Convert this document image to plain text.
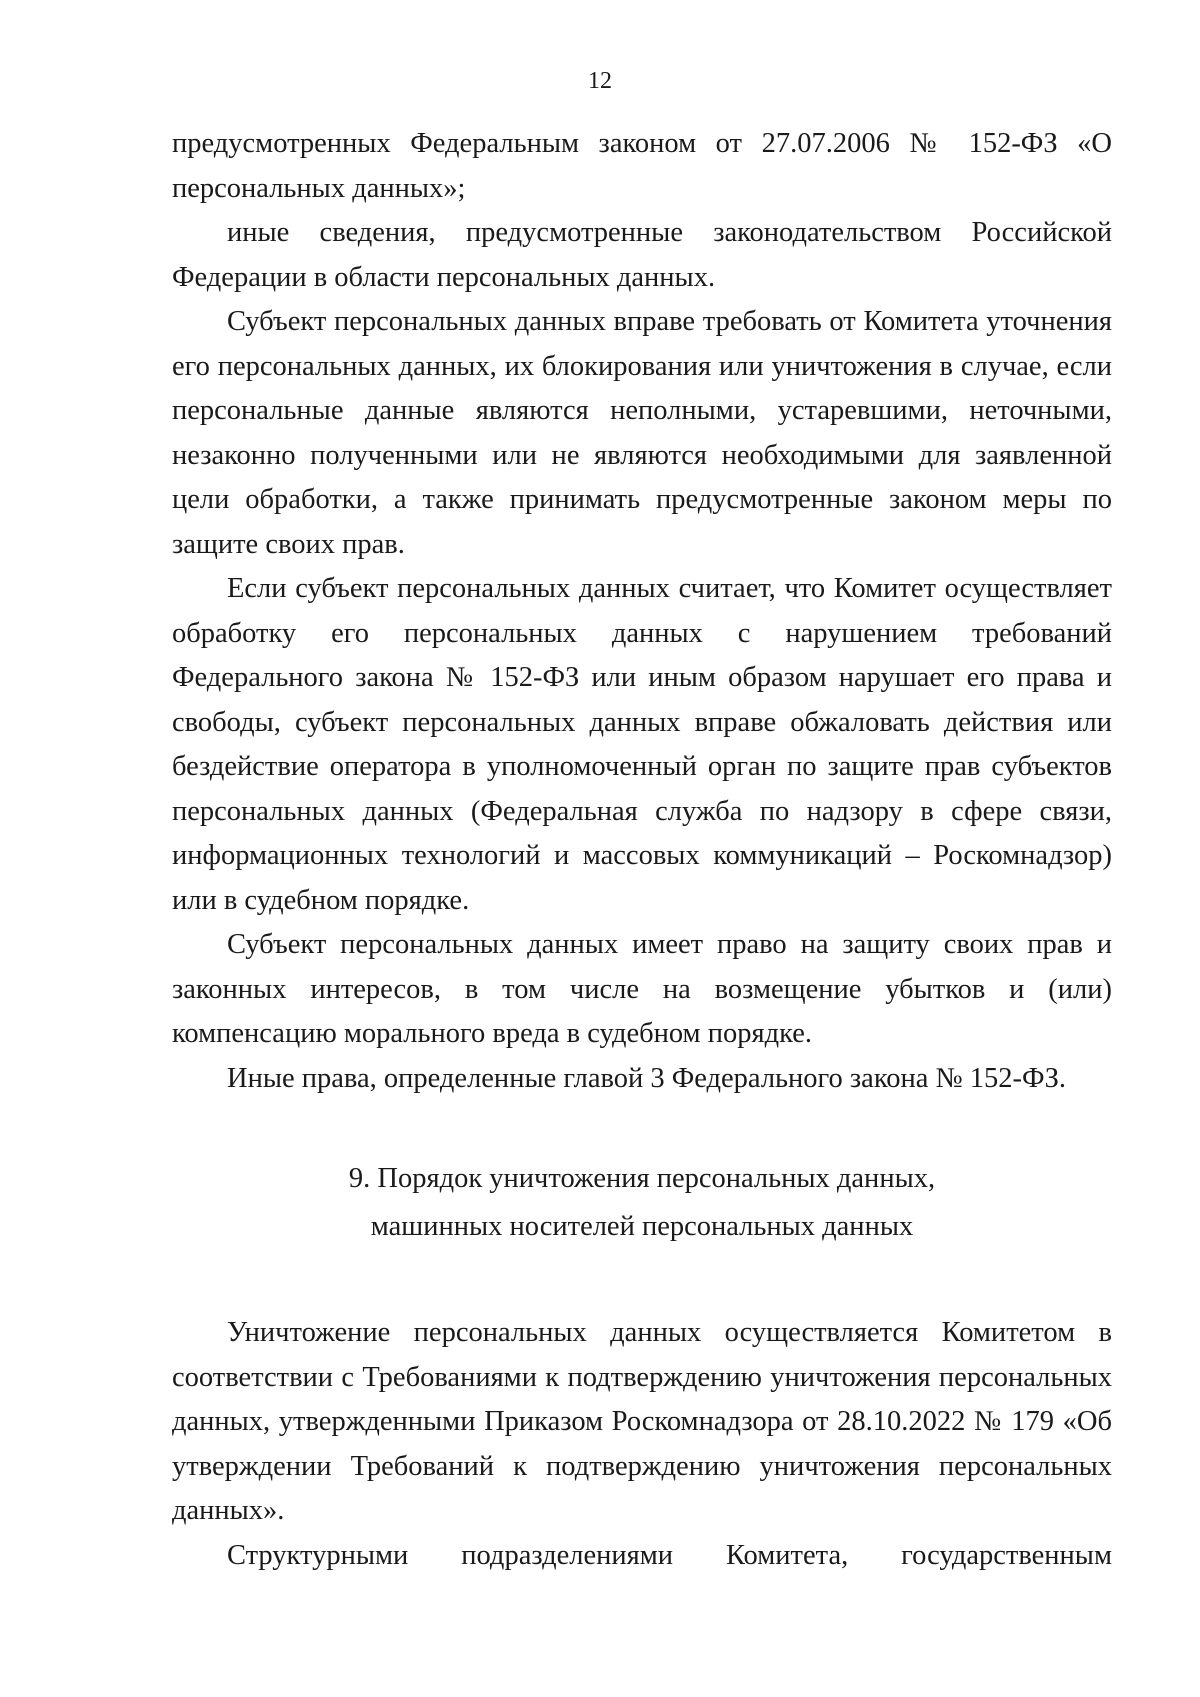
12

предусмотренных Федеральным законом от 27.07.2006 № 152-ФЗ «О персональных данных»;

иные сведения, предусмотренные законодательством Российской Федерации в области персональных данных.

Субъект персональных данных вправе требовать от Комитета уточнения его персональных данных, их блокирования или уничтожения в случае, если персональные данные являются неполными, устаревшими, неточными, незаконно полученными или не являются необходимыми для заявленной цели обработки, а также принимать предусмотренные законом меры по защите своих прав.

Если субъект персональных данных считает, что Комитет осуществляет обработку его персональных данных с нарушением требований Федерального закона № 152-ФЗ или иным образом нарушает его права и свободы, субъект персональных данных вправе обжаловать действия или бездействие оператора в уполномоченный орган по защите прав субъектов персональных данных (Федеральная служба по надзору в сфере связи, информационных технологий и массовых коммуникаций – Роскомнадзор) или в судебном порядке.

Субъект персональных данных имеет право на защиту своих прав и законных интересов, в том числе на возмещение убытков и (или) компенсацию морального вреда в судебном порядке.

Иные права, определенные главой 3 Федерального закона № 152-ФЗ.

9. Порядок уничтожения персональных данных,
машинных носителей персональных данных

Уничтожение персональных данных осуществляется Комитетом в соответствии с Требованиями к подтверждению уничтожения персональных данных, утвержденными Приказом Роскомнадзора от 28.10.2022 № 179 «Об утверждении Требований к подтверждению уничтожения персональных данных».

Структурными подразделениями Комитета, государственным
